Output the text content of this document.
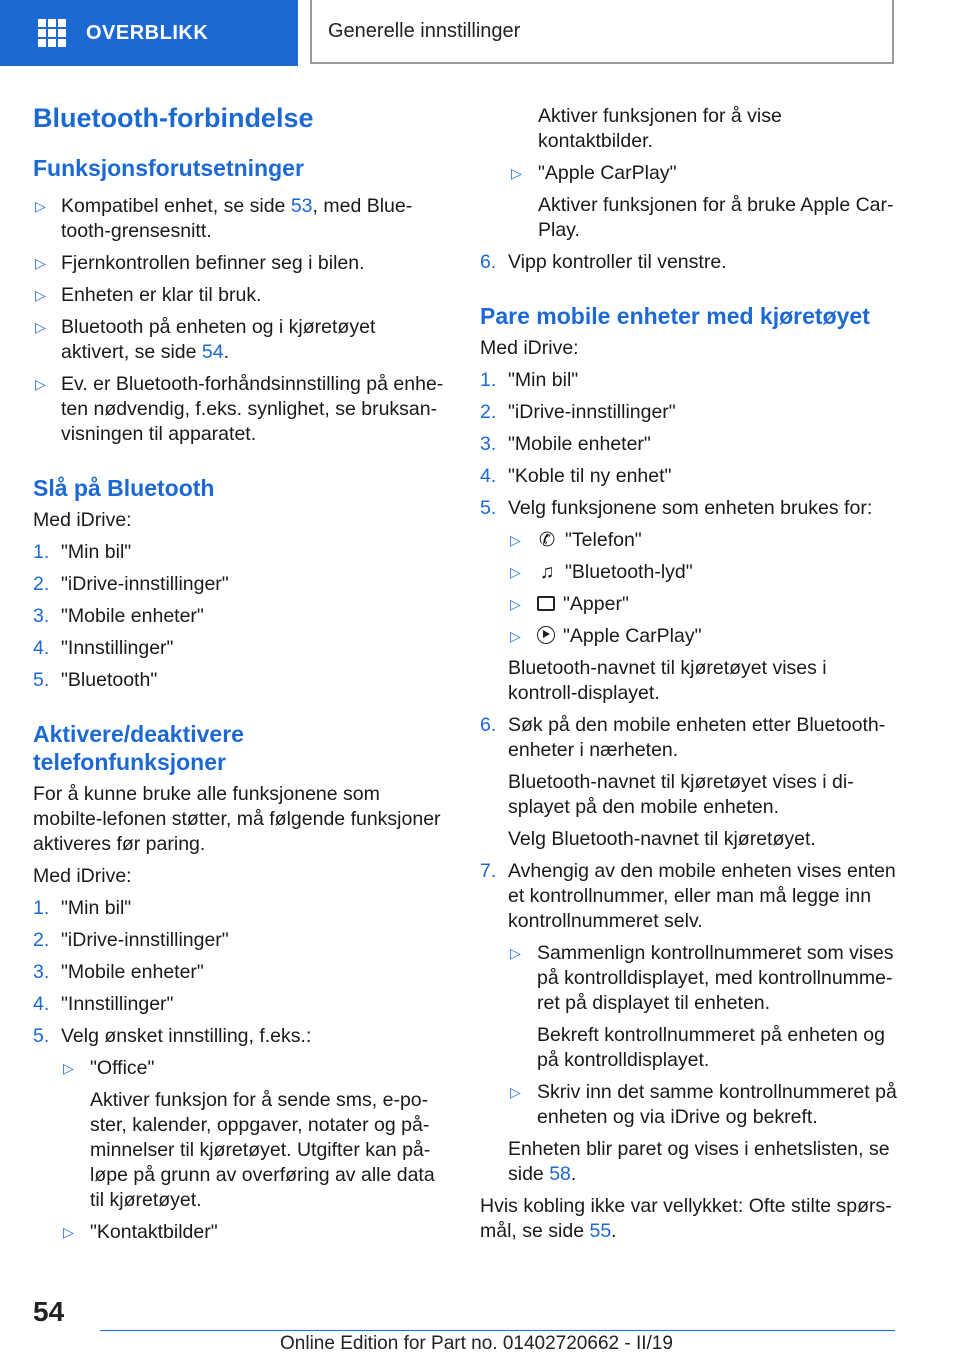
OVERBLIKK	Generelle innstillinger
Bluetooth-forbindelse
Funksjonsforutsetninger
▷ Kompatibel enhet, se side 53, med Blue-tooth-grensesnitt.
▷ Fjernkontrollen befinner seg i bilen.
▷ Enheten er klar til bruk.
▷ Bluetooth på enheten og i kjøretøyet aktivert, se side 54.
▷ Ev. er Bluetooth-forhåndsinnstilling på enhe-ten nødvendig, f.eks. synlighet, se bruksan-visningen til apparatet.
Slå på Bluetooth

Med iDrive:

1. "Min bil"
2. "iDrive-innstillinger"
3. "Mobile enheter"
4. "Innstillinger"
5. "Bluetooth"
Aktivere/deaktivere
telefonfunksjoner

For å kunne bruke alle funksjonene som mobilte-lefonen støtter, må følgende funksjoner aktiveres før paring.

Med iDrive:

1. "Min bil"
2. "iDrive-innstillinger"
3. "Mobile enheter"
4. "Innstillinger"
5. Velg ønsket innstilling, f.eks.:
▷ "Office"
Aktiver funksjon for å sende sms, e-po-ster, kalender, oppgaver, notater og på-minnelser til kjøretøyet. Utgifter kan på-løpe på grunn av overføring av alle data til kjøretøyet.
▷ "Kontaktbilder"
Aktiver funksjonen for å vise kontaktbilder.
▷ "Apple CarPlay"
Aktiver funksjonen for å bruke Apple Car-Play.
6. Vipp kontroller til venstre.
Pare mobile enheter med kjøretøyet

Med iDrive:

1. "Min bil"
2. "iDrive-innstillinger"
3. "Mobile enheter"
4. "Koble til ny enhet"
5. Velg funksjonene som enheten brukes for:
▷ ✆ "Telefon"
▷ ♫ "Bluetooth-lyd"
▷ "Apper"
▷ "Apple CarPlay"

Bluetooth-navnet til kjøretøyet vises i kontroll-displayet.

6. Søk på den mobile enheten etter Bluetooth-enheter i nærheten.

Bluetooth-navnet til kjøretøyet vises i di-splayet på den mobile enheten.

Velg Bluetooth-navnet til kjøretøyet.

7. Avhengig av den mobile enheten vises enten et kontrollnummer, eller man må legge inn kontrollnummeret selv.
▷ Sammenlign kontrollnummeret som vises på kontrolldisplayet, med kontrollnumme-ret på displayet til enheten.
Bekreft kontrollnummeret på enheten og på kontrolldisplayet.
▷ Skriv inn det samme kontrollnummeret på enheten og via iDrive og bekreft.

Enheten blir paret og vises i enhetslisten, se side 58.

Hvis kobling ikke var vellykket: Ofte stilte spørs-mål, se side 55.

54
Online Edition for Part no. 01402720662 - II/19
